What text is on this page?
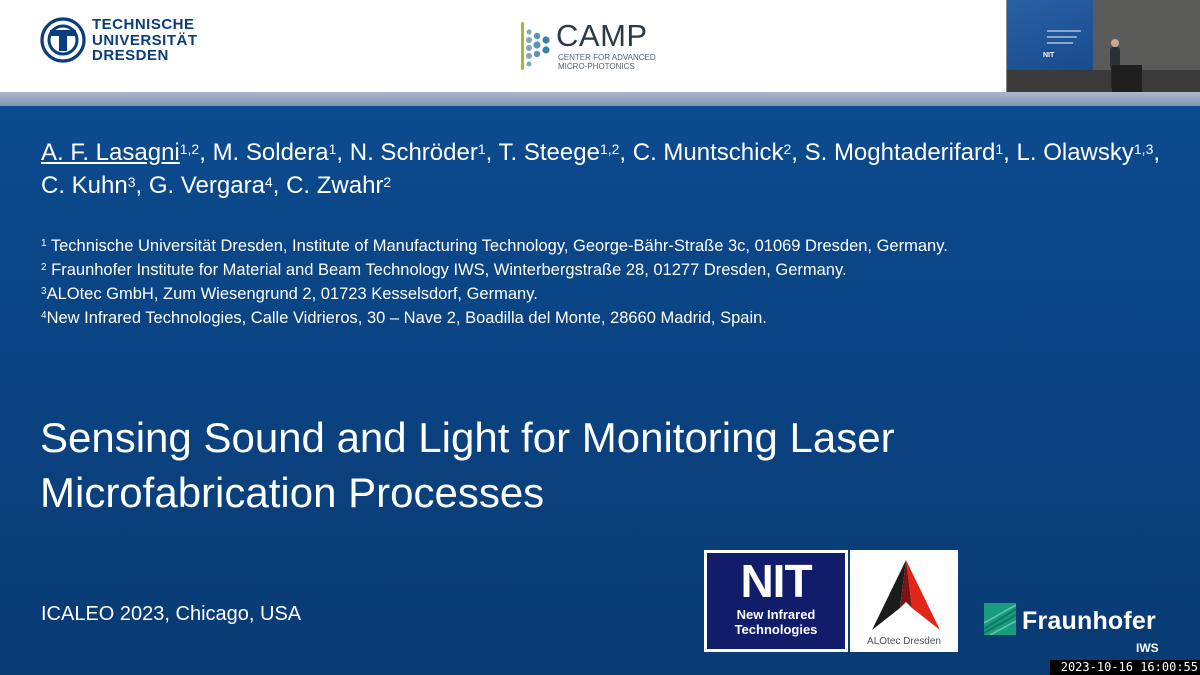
TECHNISCHE
UNIVERSITÄT
DRESDEN
CAMP
CENTER FOR ADVANCED
MICRO-PHOTONICS
NIT
A. F. Lasagni$^{1,2}$, M. Soldera$^1$, N. Schröder$^1$, T. Steege$^{1,2}$, C. Muntschick$^2$, S. Moghtaderifard$^1$, L. Olawsky$^{1,3}$, C. Kuhn$^3$, G. Vergara$^4$, C. Zwahr$^2$

$^1$ Technische Universität Dresden, Institute of Manufacturing Technology, George-Bähr-Straße 3c, 01069 Dresden, Germany.

$^2$ Fraunhofer Institute for Material and Beam Technology IWS, Winterbergstraße 28, 01277 Dresden, Germany.

$^3$ALOtec GmbH, Zum Wiesengrund 2, 01723 Kesselsdorf, Germany.

$^4$New Infrared Technologies, Calle Vidrieros, 30 – Nave 2, Boadilla del Monte, 28660 Madrid, Spain.

Sensing Sound and Light for Monitoring Laser
Microfabrication Processes
ICALEO 2023, Chicago, USA
NIT
New Infrared
Technologies
ALOtec Dresden
Fraunhofer
IWS
2023-10-16 16:00:55
